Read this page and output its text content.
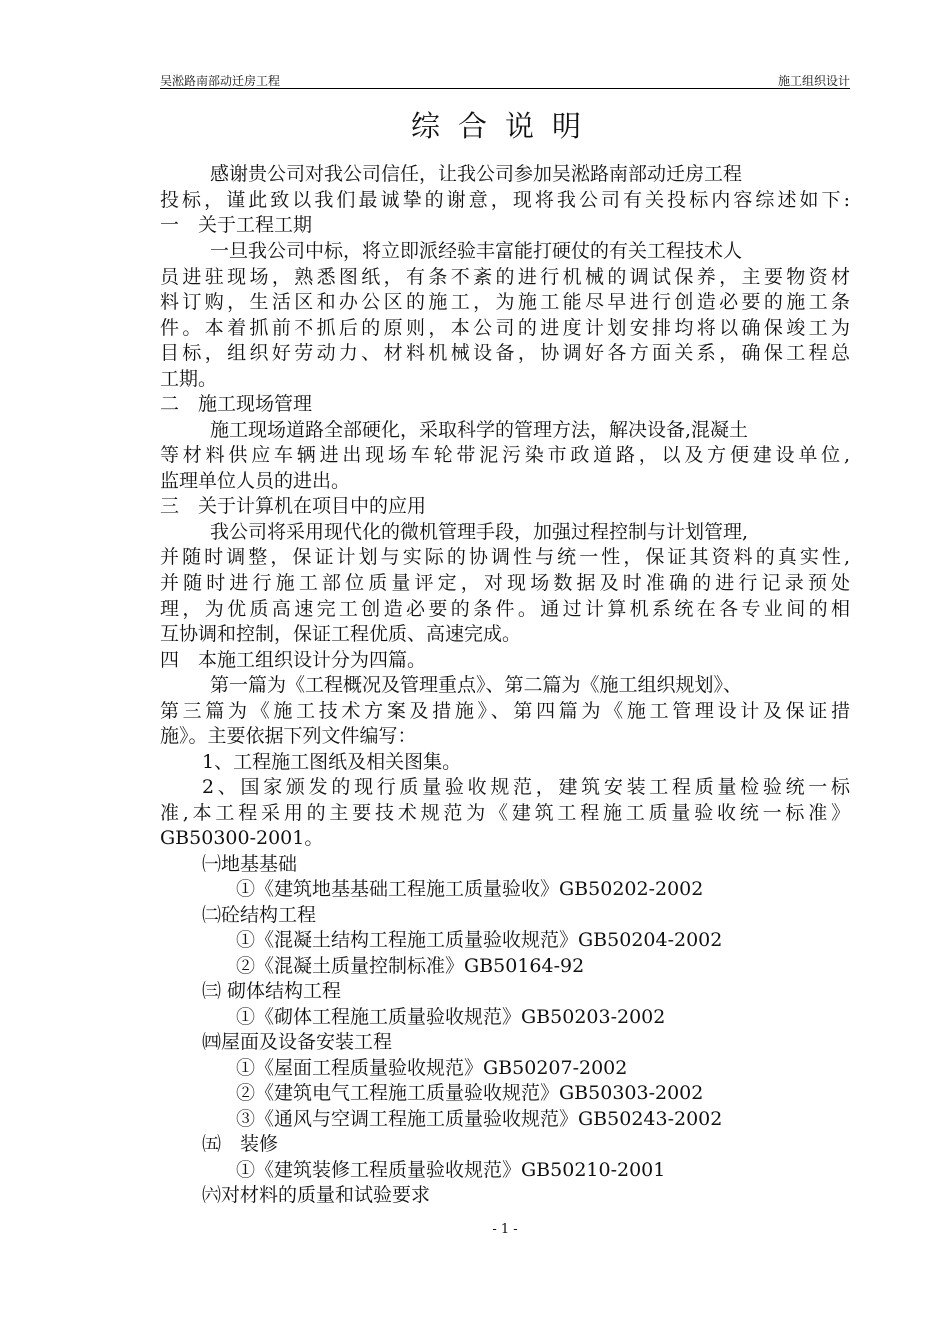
吴淞路南部动迁房工程	施工组织设计
综合说明
感谢贵公司对我公司信任，让我公司参加吴淞路南部动迁房工程
投标，谨此致以我们最诚挚的谢意，现将我公司有关投标内容综述如下:
一　关于工程工期
一旦我公司中标，将立即派经验丰富能打硬仗的有关工程技术人
员进驻现场，熟悉图纸，有条不紊的进行机械的调试保养，主要物资材
料订购，生活区和办公区的施工，为施工能尽早进行创造必要的施工条
件。本着抓前不抓后的原则，本公司的进度计划安排均将以确保竣工为
目标，组织好劳动力、材料机械设备，协调好各方面关系，确保工程总
工期。
二　施工现场管理
施工现场道路全部硬化，采取科学的管理方法，解决设备,混凝土
等材料供应车辆进出现场车轮带泥污染市政道路，以及方便建设单位,
监理单位人员的进出。
三　关于计算机在项目中的应用
我公司将采用现代化的微机管理手段，加强过程控制与计划管理,
并随时调整，保证计划与实际的协调性与统一性，保证其资料的真实性,
并随时进行施工部位质量评定，对现场数据及时准确的进行记录预处
理，为优质高速完工创造必要的条件。通过计算机系统在各专业间的相
互协调和控制，保证工程优质、高速完成。
四　本施工组织设计分为四篇。
第一篇为《工程概况及管理重点》、第二篇为《施工组织规划》、
第三篇为《施工技术方案及措施》、第四篇为《施工管理设计及保证措
施》。主要依据下列文件编写：
1、工程施工图纸及相关图集。
2、国家颁发的现行质量验收规范，建筑安装工程质量检验统一标
准,本工程采用的主要技术规范为《建筑工程施工质量验收统一标准》
GB50300-2001。
㈠地基基础
①《建筑地基基础工程施工质量验收》GB50202-2002
㈡砼结构工程
①《混凝土结构工程施工质量验收规范》GB50204-2002
②《混凝土质量控制标准》GB50164-92
㈢ 砌体结构工程
①《砌体工程施工质量验收规范》GB50203-2002
㈣屋面及设备安装工程
①《屋面工程质量验收规范》GB50207-2002
②《建筑电气工程施工质量验收规范》GB50303-2002
③《通风与空调工程施工质量验收规范》GB50243-2002
㈤　装修
①《建筑装修工程质量验收规范》GB50210-2001
㈥对材料的质量和试验要求
- 1 -
